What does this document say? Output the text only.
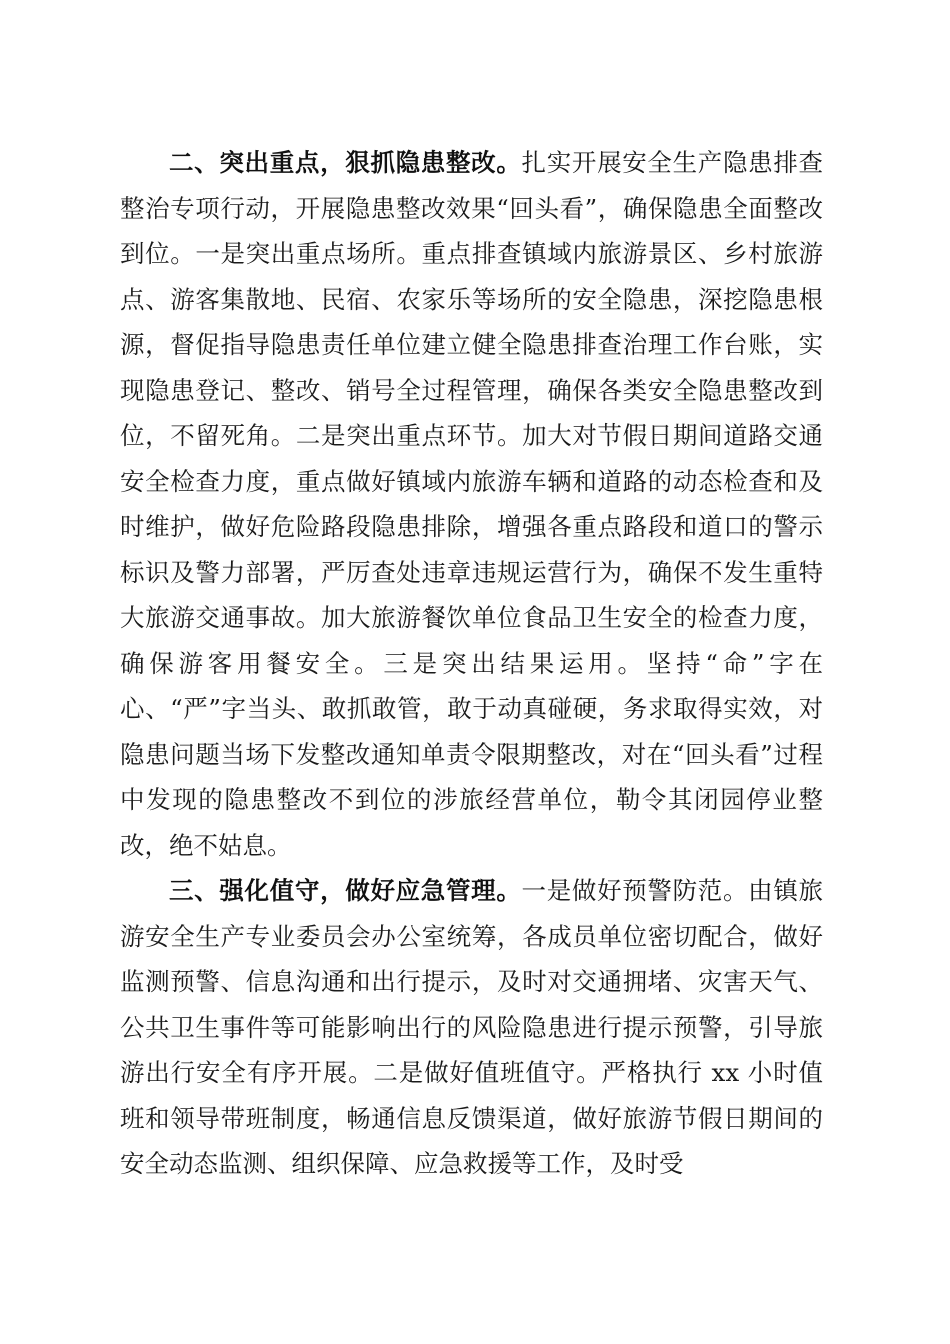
二、突出重点，狠抓隐患整改。扎实开展安全生产隐患排查整治专项行动，开展隐患整改效果“回头看”，确保隐患全面整改到位。一是突出重点场所。重点排查镇域内旅游景区、乡村旅游点、游客集散地、民宿、农家乐等场所的安全隐患，深挖隐患根源，督促指导隐患责任单位建立健全隐患排查治理工作台账，实现隐患登记、整改、销号全过程管理，确保各类安全隐患整改到位，不留死角。二是突出重点环节。加大对节假日期间道路交通安全检查力度，重点做好镇域内旅游车辆和道路的动态检查和及时维护，做好危险路段隐患排除，增强各重点路段和道口的警示标识及警力部署，严厉查处违章违规运营行为，确保不发生重特大旅游交通事故。加大旅游餐饮单位食品卫生安全的检查力度，确保游客用餐安全。三是突出结果运用。坚持“命”字在心、“严”字当头、敢抓敢管，敢于动真碰硬，务求取得实效，对隐患问题当场下发整改通知单责令限期整改，对在“回头看”过程中发现的隐患整改不到位的涉旅经营单位，勒令其闭园停业整改，绝不姑息。

三、强化值守，做好应急管理。一是做好预警防范。由镇旅游安全生产专业委员会办公室统筹，各成员单位密切配合，做好监测预警、信息沟通和出行提示，及时对交通拥堵、灾害天气、公共卫生事件等可能影响出行的风险隐患进行提示预警，引导旅游出行安全有序开展。二是做好值班值守。严格执行 xx 小时值班和领导带班制度，畅通信息反馈渠道，做好旅游节假日期间的安全动态监测、组织保障、应急救援等工作，及时受
